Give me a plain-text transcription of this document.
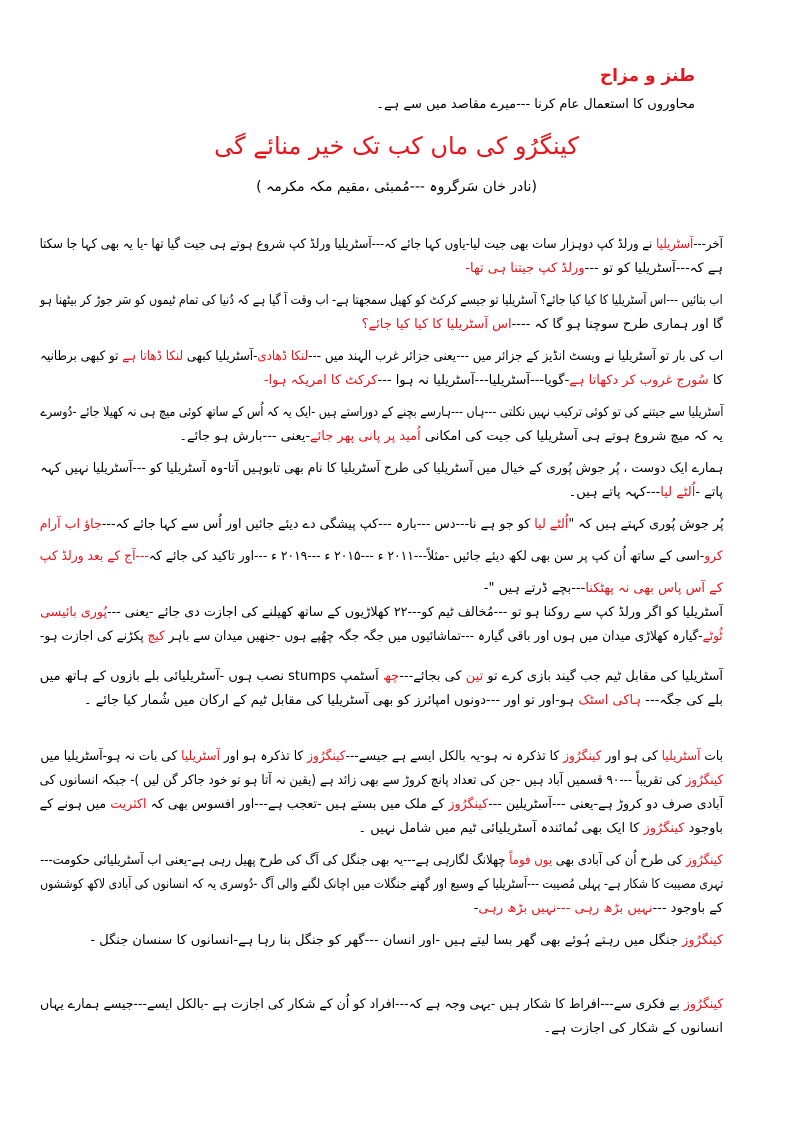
طنز و مزاح
محاوروں کا استعمال عام کرنا ---میرے مقاصد میں سے ہے۔
کینگرُو کی ماں کب تک خیر منائے گی
(نادر خان سَرگروہ ---مُمبئی ،مقیم مکہ مکرمہ )
آخر---آسٹریلیا نے ورلڈ کپ دوہزار سات بھی جیت لیا-یاوں کہا جائے کہ---آسٹریلیا ورلڈ کپ شروع ہوتے ہی جیت گیا تھا -یا یہ بھی کہا جا سکتا
ہے کہ---آسٹریلیا کو تو ---ورلڈ کپ جیتنا ہی تھا-
اب بتائیں ---اس آسٹریلیا کا کیا کیا جائے؟ آسٹریلیا تو جیسے کرکٹ کو کھیل سمجھتا ہے- اب وقت آ گیا ہے کہ دُنیا کی تمام ٹیموں کو سَر جوڑ کر بیٹھنا ہو
گا اور ہماری طرح سوچنا ہو گا کہ ----اس آسٹریلیا کا کیا کیا جائے؟
اب کی بار تو آسٹریلیا نے ویسٹ انڈیز کے جزائر میں ---یعنی جزائر غرب الہند میں ---لنکا ڈھادی-آسٹریلیا کبھی لنکا ڈھاتا ہے تو کبھی برطانیہ
کا سُورج غروب کر دکھاتا ہے-گویا---آسٹریلیا---آسٹریلیا نہ ہوا ---کرکٹ کا امریکہ ہوا-
آسٹریلیا سے جیتنے کی تو کوئی ترکیب نہیں نکلتی ---ہاں ---ہارسے بچنے کے دوراستے ہیں -ایک یہ کہ اُس کے ساتھ کوئی میچ ہی نہ کھیلا جائے -دُوسرے
یہ کہ میچ شروع ہوتے ہی آسٹریلیا کی جیت کی امکانی اُمید پر پانی پھر جائے-یعنی ---بارش ہو جائے۔
ہمارے ایک دوست ، پُر جوش پُوری کے خیال میں آسٹریلیا کی طرح آسٹریلیا کا نام بھی تابوہیں آتا-وہ آسٹریلیا کو ---آسٹریلیا نہیں کہہ
پاتے -اُلٹے لیا---کہہ پاتے ہیں۔
پُر جوش پُوری کہتے ہیں کہ "اُلٹے لیا کو جو ہے نا---دس ---بارہ ---کپ پیشگی دے دیئے جائیں اور اُس سے کہا جائے کہ---جاؤ اب آرام
کرو-اسی کے ساتھ اُن کپ پر سن بھی لکھ دیئے جائیں -مثلاً---۲۰۱۱ ء ---۲۰۱۵ ء ---۲۰۱۹ ء ---اور تاکید کی جائے کہ---آج کے بعد ورلڈ کپ
کے آس پاس بھی نہ پھٹکنا---بچے ڈرتے ہیں "-
آسٹریلیا کو اگر ورلڈ کپ سے روکنا ہو تو ---مُخالف ٹیم کو---۲۲ کھلاڑیوں کے ساتھ کھیلنے کی اجازت دی جائے -یعنی ---پُوری بائیسی
ٹُوٹے-گیارہ کھلاڑی میدان میں ہوں اور باقی گیارہ ---تماشائیوں میں جگہ جگہ چھُپے ہوں -جنھیں میدان سے باہر کیچ پکڑنے کی اجازت ہو-
آسٹریلیا کی مقابل ٹیم جب گیند بازی کرے تو تین کی بجائے---چھ اَسٹمپ stumps نصب ہوں -آسٹریلیائی بلے بازوں کے ہاتھ میں
بلے کی جگہ--- ہاکی اسٹک ہو-اور تو اور ---دونوں امپائرز کو بھی آسٹریلیا کی مقابل ٹیم کے ارکان میں شُمار کیا جائے ۔
بات آسٹریلیا کی ہو اور کینگرُوز کا تذکرہ نہ ہو-یہ بالکل ایسے ہے جیسے---کینگرُوز کا تذکرہ ہو اور آسٹریلیا کی بات نہ ہو-آسٹریلیا میں
کینگرُوز کی تقریباً ---۹۰ قسمیں آباد ہیں -جن کی تعداد پانچ کروڑ سے بھی زائد ہے (یقین نہ آتا ہو تو خود جاکر گن لیں )- جبکہ انسانوں کی
آبادی صرف دو کروڑ ہے-یعنی ---آسٹریلین ---کینگرُوز کے ملک میں بستے ہیں -تعجب ہے---اور افسوس بھی کہ اکثریت میں ہونے کے
باوجود کینگرُوز کا ایک بھی نُمائندہ آسٹریلیائی ٹیم میں شامل نہیں ۔
کینگرُوز کی طرح اُن کی آبادی بھی یوں فوماً چھلانگ لگارہی ہے---یہ بھی جنگل کی آگ کی طرح پھیل رہی ہے-یعنی اب آسٹریلیائی حکومت---
تہری مصیبت کا شکار ہے- پہلی مُصیبت ---آسٹریلیا کے وسیع اور گھنے جنگلات میں اچانک لگنے والی آگ -دُوسری یہ کہ انسانوں کی آبادی لاکھ کوششوں
کے باوجود ---نہیں بڑھ رہی ---نہیں بڑھ رہی-
کینگرُوز جنگل میں رہتے ہُوئے بھی گھر بسا لیتے ہیں -اور انسان ---گھر کو جنگل بنا رہا ہے-انسانوں کا سنسان جنگل -
کینگرُوز بے فکری سے---افراط کا شکار ہیں -یہی وجہ ہے کہ---افراد کو اُن کے شکار کی اجازت ہے -بالکل ایسے---جیسے ہمارے یہاں
انسانوں کے شکار کی اجازت ہے۔
